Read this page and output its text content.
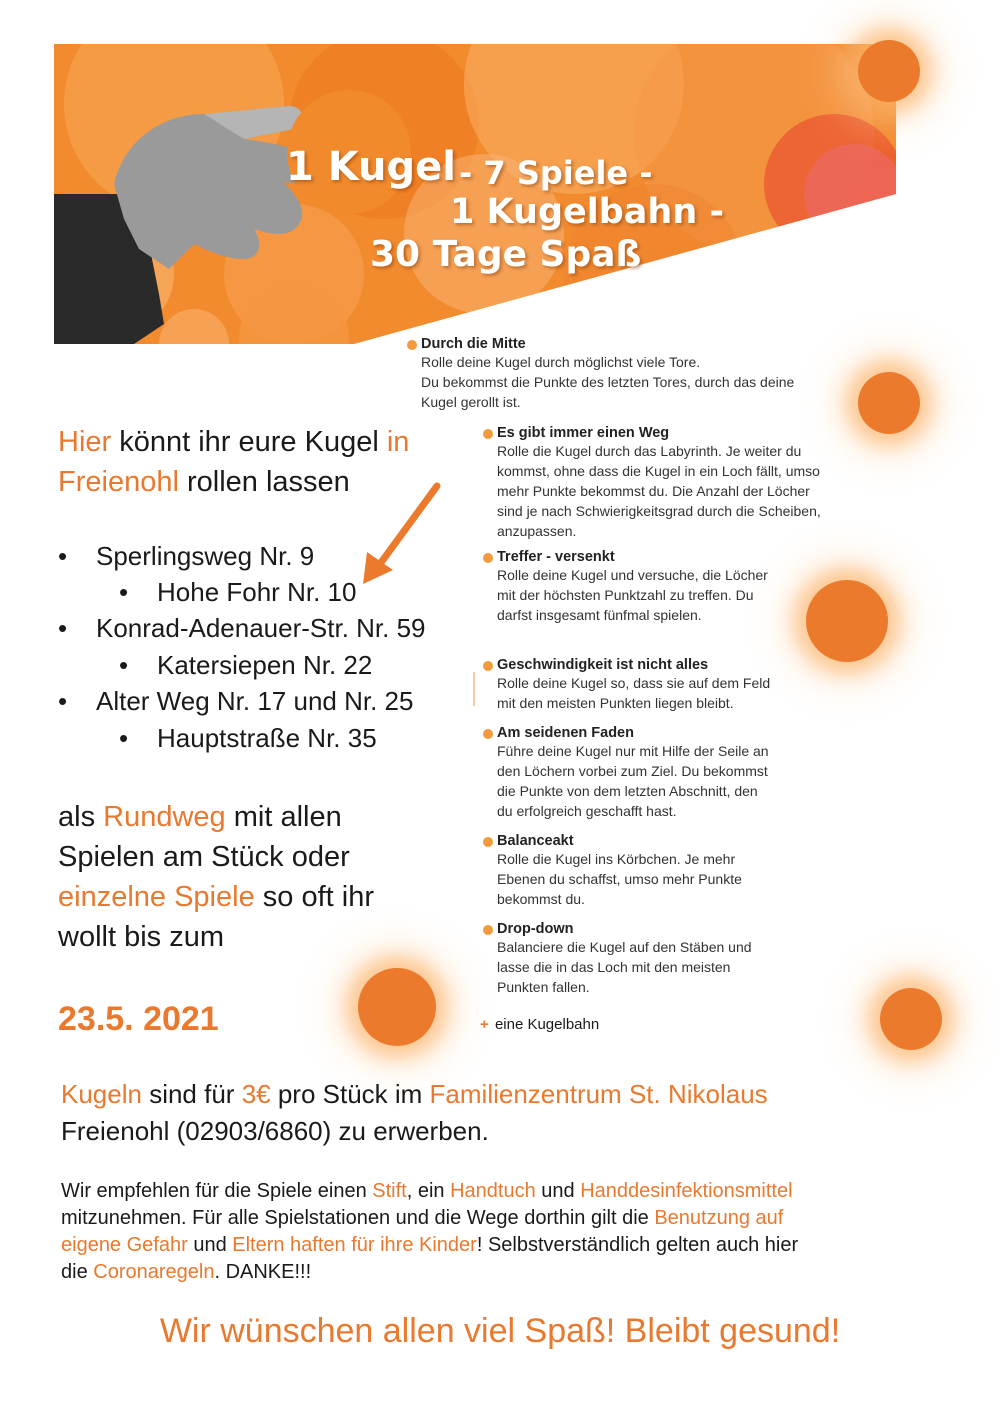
1 Kugel - 7 Spiele -
1 Kugelbahn -
30 Tage Spaß
Durch die Mitte
Rolle deine Kugel durch möglichst viele Tore.
Du bekommst die Punkte des letzten Tores, durch das deine
Kugel gerollt ist.
Es gibt immer einen Weg
Rolle die Kugel durch das Labyrinth. Je weiter du
kommst, ohne dass die Kugel in ein Loch fällt, umso
mehr Punkte bekommst du. Die Anzahl der Löcher
sind je nach Schwierigkeitsgrad durch die Scheiben,
anzupassen.
Treffer - versenkt
Rolle deine Kugel und versuche, die Löcher
mit der höchsten Punktzahl zu treffen. Du
darfst insgesamt fünfmal spielen.
Geschwindigkeit ist nicht alles
Rolle deine Kugel so, dass sie auf dem Feld
mit den meisten Punkten liegen bleibt.
Am seidenen Faden
Führe deine Kugel nur mit Hilfe der Seile an
den Löchern vorbei zum Ziel. Du bekommst
die Punkte von dem letzten Abschnitt, den
du erfolgreich geschafft hast.
Balanceakt
Rolle die Kugel ins Körbchen. Je mehr
Ebenen du schaffst, umso mehr Punkte
bekommst du.
Drop-down
Balanciere die Kugel auf den Stäben und
lasse die in das Loch mit den meisten
Punkten fallen.
+ eine Kugelbahn
Hier könnt ihr eure Kugel in
Freienohl rollen lassen
• Sperlingsweg Nr. 9
• Hohe Fohr Nr. 10
• Konrad-Adenauer-Str. Nr. 59
• Katersiepen Nr. 22
• Alter Weg Nr. 17 und Nr. 25
• Hauptstraße Nr. 35
als Rundweg mit allen
Spielen am Stück oder
einzelne Spiele so oft ihr
wollt bis zum
23.5. 2021
Kugeln sind für 3€ pro Stück im Familienzentrum St. Nikolaus
Freienohl (02903/6860) zu erwerben.
Wir empfehlen für die Spiele einen Stift, ein Handtuch und Handdesinfektionsmittel
mitzunehmen. Für alle Spielstationen und die Wege dorthin gilt die Benutzung auf
eigene Gefahr und Eltern haften für ihre Kinder! Selbstverständlich gelten auch hier
die Coronaregeln. DANKE!!!
Wir wünschen allen viel Spaß! Bleibt gesund!
